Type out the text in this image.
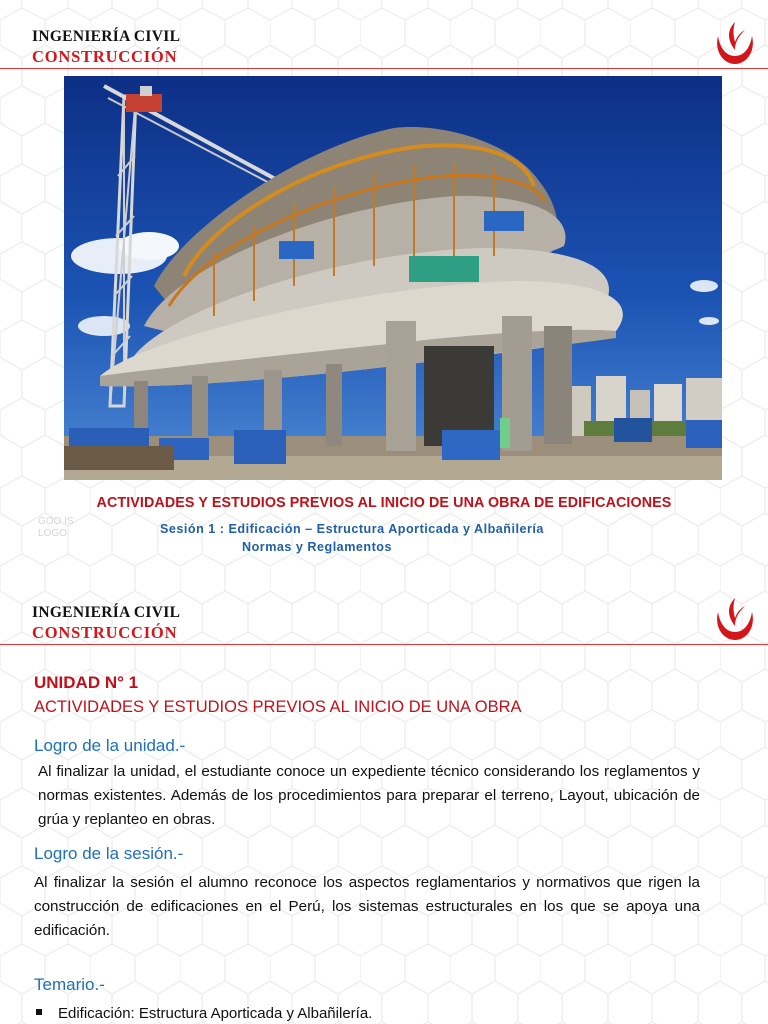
INGENIERÍA CIVIL
CONSTRUCCIÓN
ACTIVIDADES Y ESTUDIOS PREVIOS AL INICIO DE UNA OBRA DE EDIFICACIONES
GOO IS LOGO	Sesión 1 : Edificación – Estructura Aporticada y Albañilería
Normas y Reglamentos
INGENIERÍA CIVIL
CONSTRUCCIÓN
UNIDAD N° 1
ACTIVIDADES Y ESTUDIOS PREVIOS AL INICIO DE UNA OBRA
Logro de la unidad.-
Al finalizar la unidad, el estudiante conoce un expediente técnico considerando los reglamentos y normas existentes. Además de los procedimientos para preparar el terreno, Layout, ubicación de grúa y replanteo en obras.
Logro de la sesión.-
Al finalizar la sesión el alumno reconoce los aspectos reglamentarios y normativos que rigen la construcción de edificaciones en el Perú, los sistemas estructurales en los que se apoya una edificación.
Temario.-
Edificación: Estructura Aporticada y Albañilería.
